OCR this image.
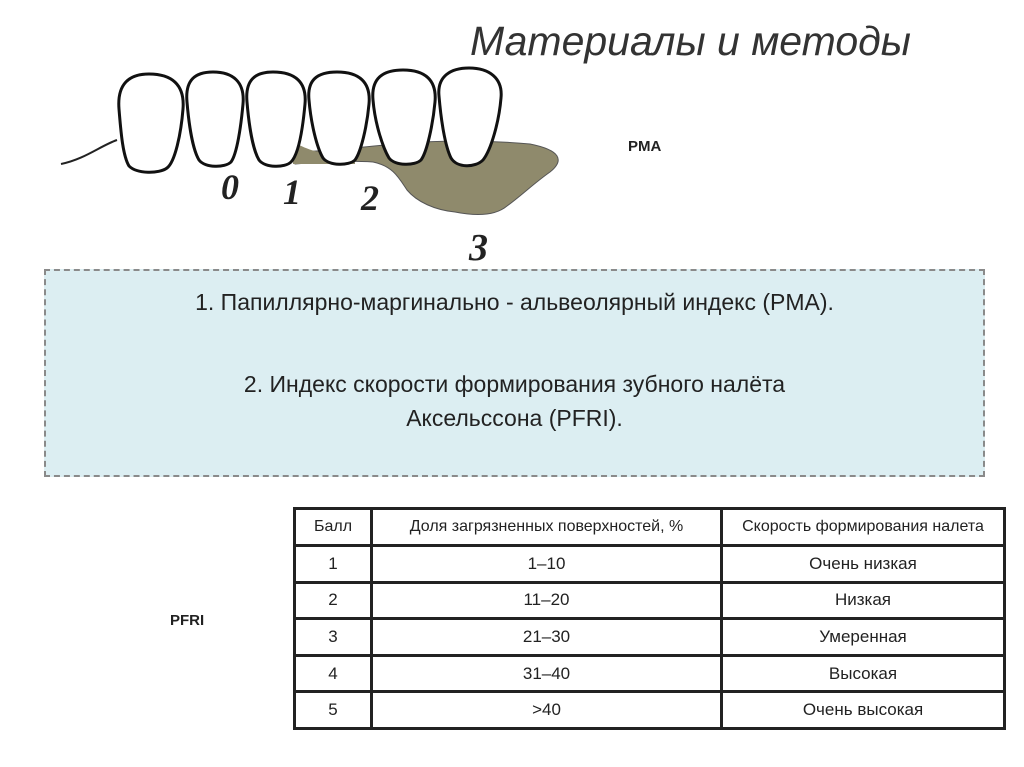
Материалы и методы
0 1 2
3
PMA
1. Папиллярно-маргинально - альвеолярный индекс (PMA).
2. Индекс скорости формирования зубного налёта
Аксельссона (PFRI).
PFRI
Балл	Доля загрязненных поверхностей, %	Скорость формирования налета
1	1–10	Очень низкая
2	11–20	Низкая
3	21–30	Умеренная
4	31–40	Высокая
5	>40	Очень высокая
